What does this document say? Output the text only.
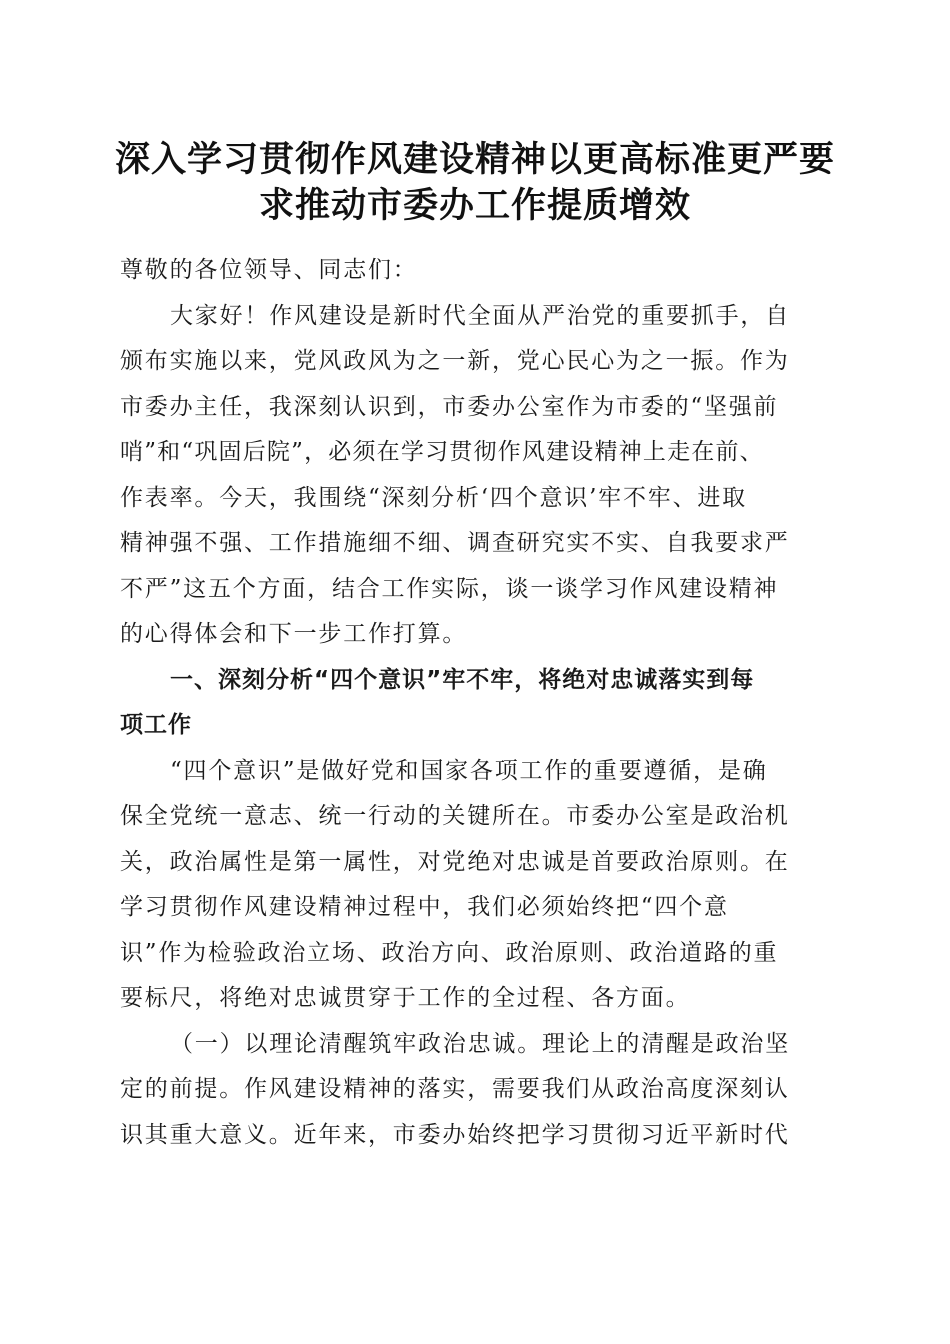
深入学习贯彻作风建设精神以更高标准更严要
求推动市委办工作提质增效
尊敬的各位领导、同志们：
大家好！作风建设是新时代全面从严治党的重要抓手，自
颁布实施以来，党风政风为之一新，党心民心为之一振。作为
市委办主任，我深刻认识到，市委办公室作为市委的“坚强前
哨”和“巩固后院”，必须在学习贯彻作风建设精神上走在前、
作表率。今天，我围绕“深刻分析‘四个意识’牢不牢、进取
精神强不强、工作措施细不细、调查研究实不实、自我要求严
不严”这五个方面，结合工作实际，谈一谈学习作风建设精神
的心得体会和下一步工作打算。
一、深刻分析“四个意识”牢不牢，将绝对忠诚落实到每
项工作
“四个意识”是做好党和国家各项工作的重要遵循，是确
保全党统一意志、统一行动的关键所在。市委办公室是政治机
关，政治属性是第一属性，对党绝对忠诚是首要政治原则。在
学习贯彻作风建设精神过程中，我们必须始终把“四个意
识”作为检验政治立场、政治方向、政治原则、政治道路的重
要标尺，将绝对忠诚贯穿于工作的全过程、各方面。
（一）以理论清醒筑牢政治忠诚。理论上的清醒是政治坚
定的前提。作风建设精神的落实，需要我们从政治高度深刻认
识其重大意义。近年来，市委办始终把学习贯彻习近平新时代
